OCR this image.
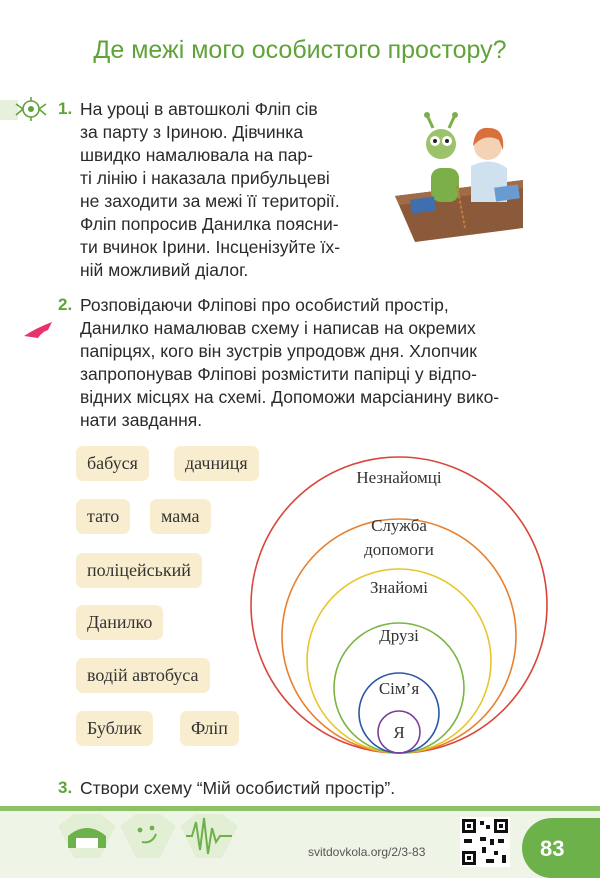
Де межі мого особистого простору?
1. На уроці в автошколі Фліп сів
за парту з Іриною. Дівчинка
швидко намалювала на пар-
ті лінію і наказала прибульцеві
не заходити за межі її території.
Фліп попросив Данилка поясни-
ти вчинок Ірини. Інсценізуйте їх-
ній можливий діалог.
2. Розповідаючи Фліпові про особистий простір,
Данилко намалював схему і написав на окремих
папірцях, кого він зустрів упродовж дня. Хлопчик
запропонував Фліпові розмістити папірці у відпо-
відних місцях на схемі. Допоможи марсіанину вико-
нати завдання.
бабуся	дачниця
тато	мама
поліцейський
Данилко
водій автобуса
Бублик	Фліп
Незнайомці
Служба
допомоги
Знайомі
Друзі
Сім’я
Я
3. Створи схему “Мій особистий простір”.
svitdovkola.org/2/3-83	83
